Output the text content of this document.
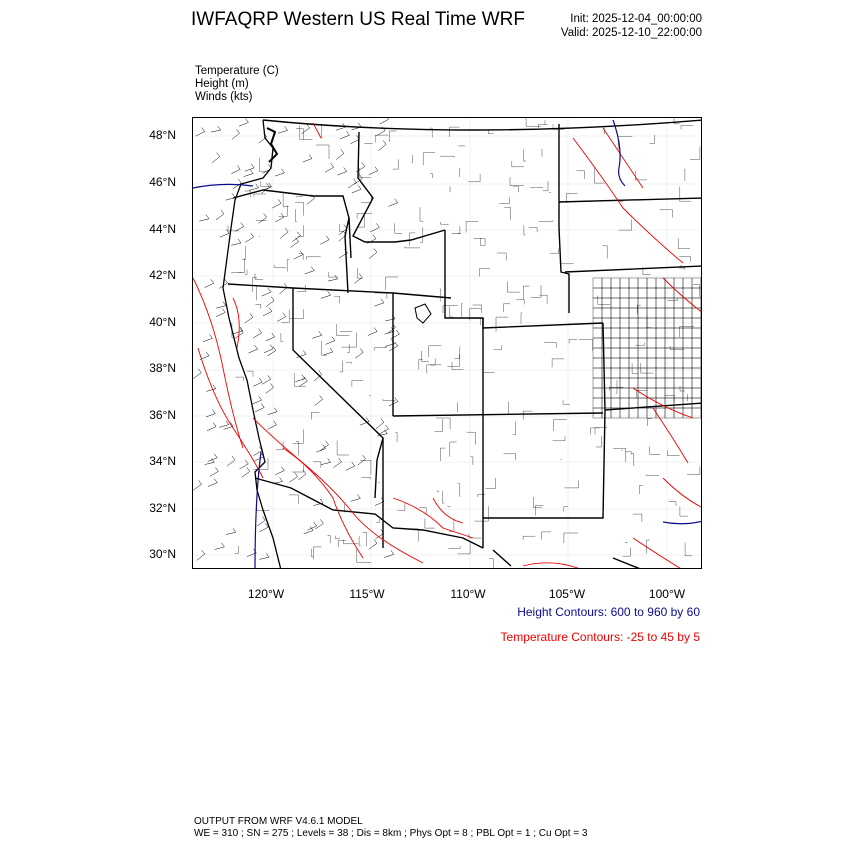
IWFAQRP Western US Real Time WRF	Init: 2025-12-04_00:00:00
Valid: 2025-12-10_22:00:00
Temperature (C)
Height (m)
Winds (kts)
48°N
46°N
44°N
42°N
40°N
38°N
36°N
34°N
32°N
30°N
120°W	115°W	110°W	105°W	100°W
Height Contours: 600 to 960 by 60
Temperature Contours: -25 to 45 by 5
OUTPUT FROM WRF V4.6.1 MODEL
WE = 310 ; SN = 275 ; Levels = 38 ; Dis = 8km ; Phys Opt = 8 ; PBL Opt = 1 ; Cu Opt = 3
